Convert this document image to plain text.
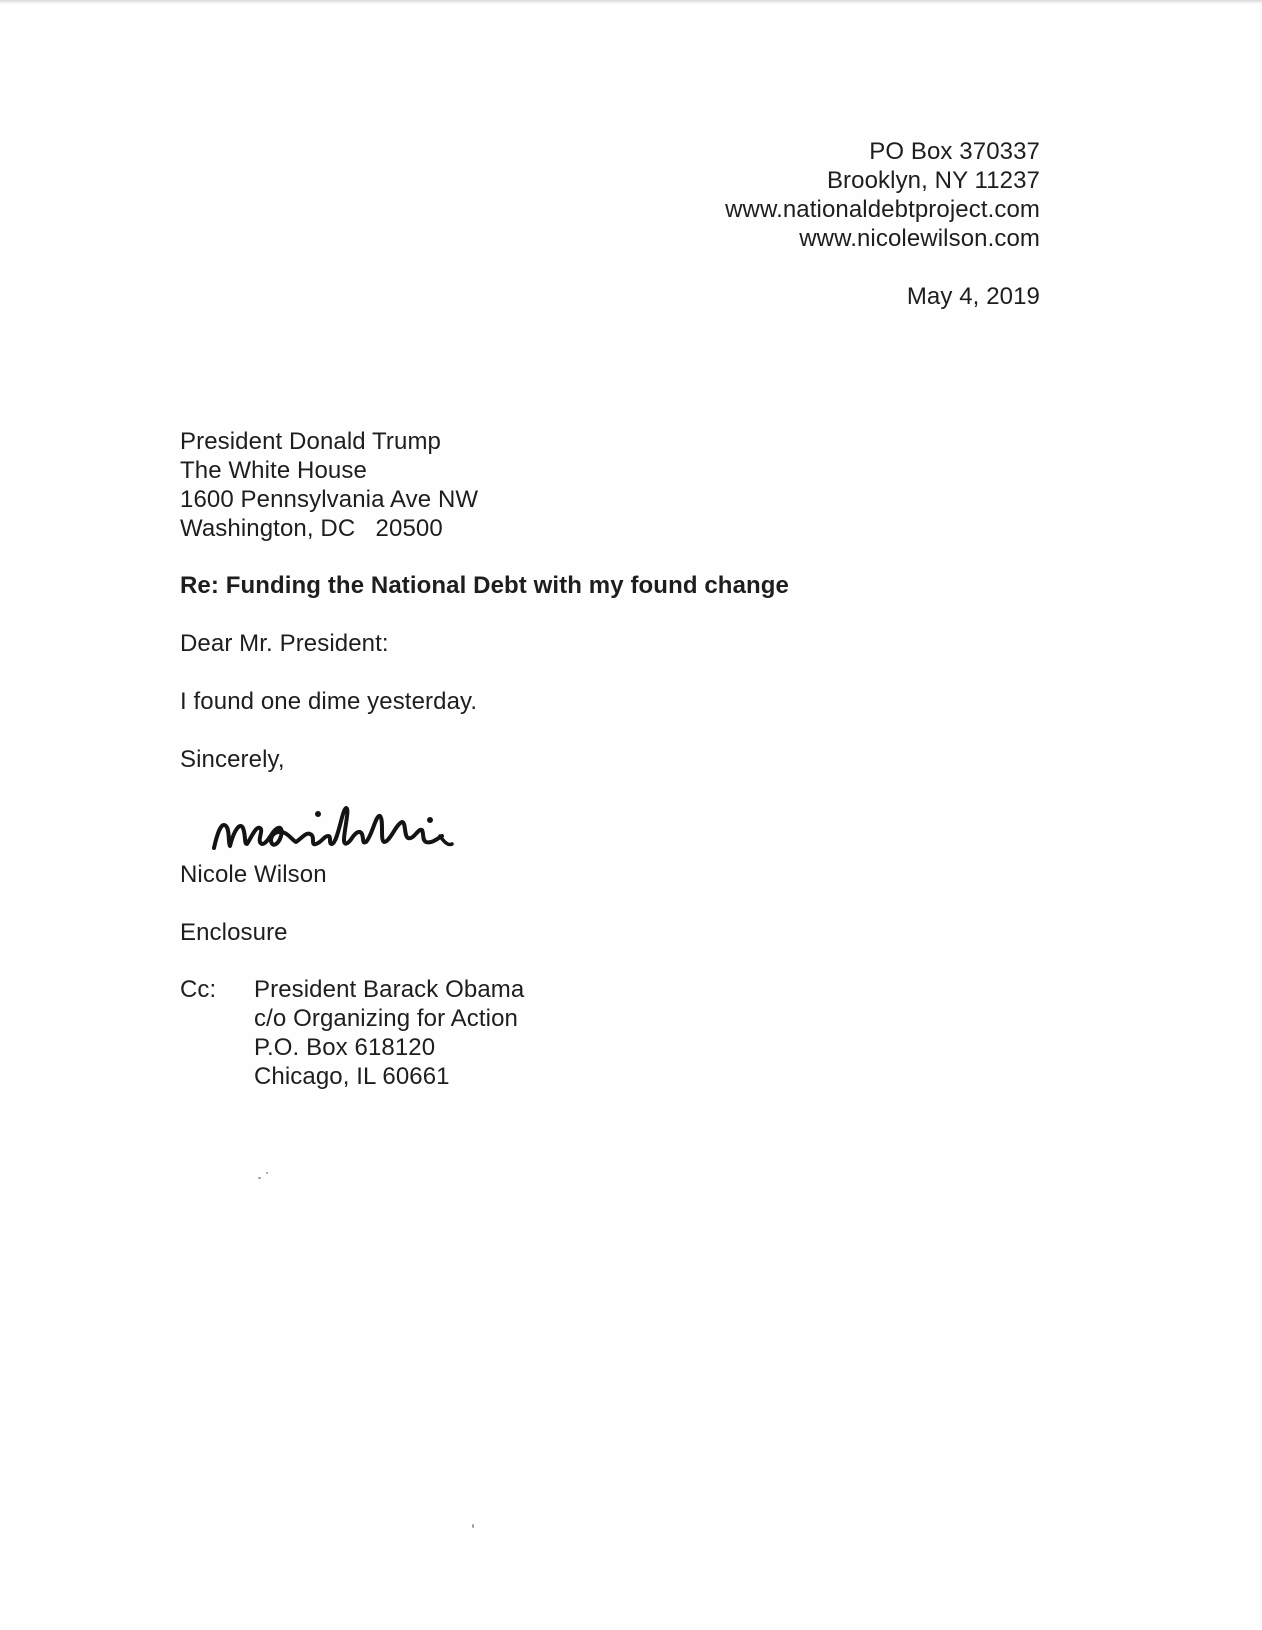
PO Box 370337
Brooklyn, NY 11237
www.nationaldebtproject.com
www.nicolewilson.com
May 4, 2019
President Donald Trump
The White House
1600 Pennsylvania Ave NW
Washington, DC   20500
Re: Funding the National Debt with my found change
Dear Mr. President:
I found one dime yesterday.
Sincerely,
Nicole Wilson
Enclosure
Cc: President Barack Obama
c/o Organizing for Action
P.O. Box 618120
Chicago, IL 60661
